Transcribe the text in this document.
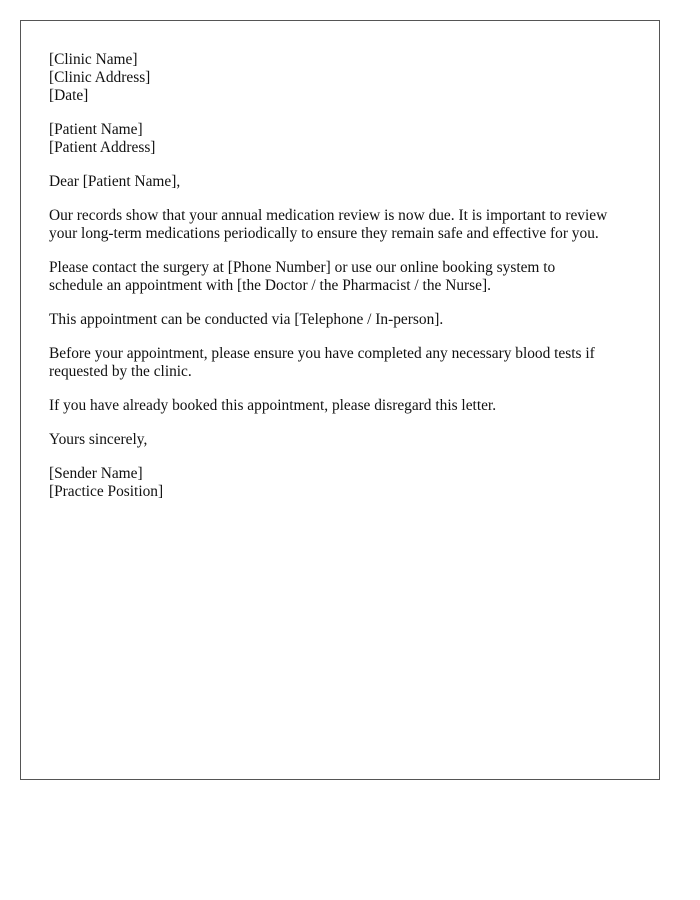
[Clinic Name]
[Clinic Address]
[Date]
[Patient Name]
[Patient Address]

Dear [Patient Name],

Our records show that your annual medication review is now due. It is important to review
your long-term medications periodically to ensure they remain safe and effective for you.

Please contact the surgery at [Phone Number] or use our online booking system to
schedule an appointment with [the Doctor / the Pharmacist / the Nurse].

This appointment can be conducted via [Telephone / In-person].

Before your appointment, please ensure you have completed any necessary blood tests if
requested by the clinic.

If you have already booked this appointment, please disregard this letter.

Yours sincerely,

[Sender Name]
[Practice Position]
